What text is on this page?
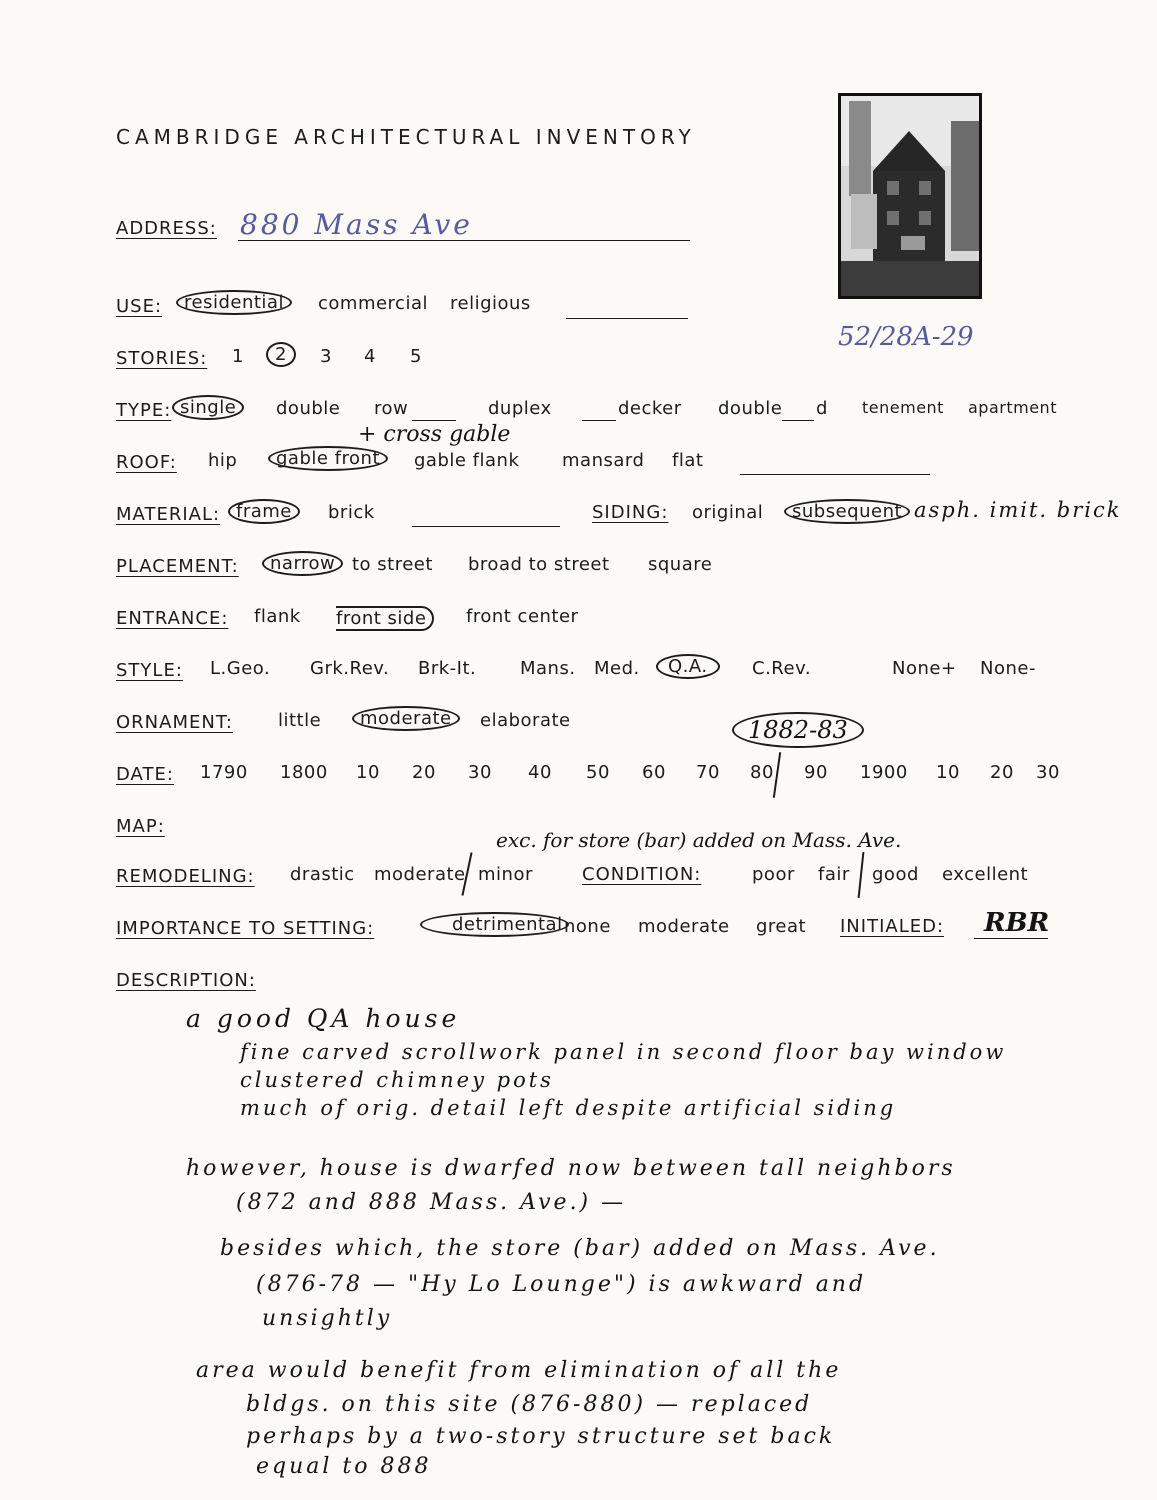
CAMBRIDGE ARCHITECTURAL INVENTORY
ADDRESS: 880 Mass Ave
52/28A-29
USE:	residential	commercial religious
STORIES: 1	2	3 4 5
TYPE: single	double row	duplex	decker double d tenement apartment
+ cross gable
ROOF: hip	gable front	gable flank mansard flat
MATERIAL: frame	brick	SIDING: original	subsequent asph. imit. brick
PLACEMENT:	narrow to street broad to street square
ENTRANCE: flank front side	front center
STYLE: L.Geo. Grk.Rev. Brk-It. Mans. Med.	Q.A.	C.Rev.	None+ None-
ORNAMENT:	little	moderate	elaborate	1882-83
DATE: 1790 1800 10 20 30 40 50 60 70 80 90 1900 10 20 30
MAP:
exc. for store (bar) added on Mass. Ave.
REMODELING: drastic moderate minor	CONDITION:	poor fair good excellent
IMPORTANCE TO SETTING:	detrimental none moderate great INITIALED: RBR
DESCRIPTION:
a good QA house
fine carved scrollwork panel in second floor bay window
clustered chimney pots
much of orig. detail left despite artificial siding
however, house is dwarfed now between tall neighbors
(872 and 888 Mass. Ave.) —
besides which, the store (bar) added on Mass. Ave.
(876-78 — "Hy Lo Lounge") is awkward and
unsightly
area would benefit from elimination of all the
bldgs. on this site (876-880) — replaced
perhaps by a two-story structure set back
equal to 888
